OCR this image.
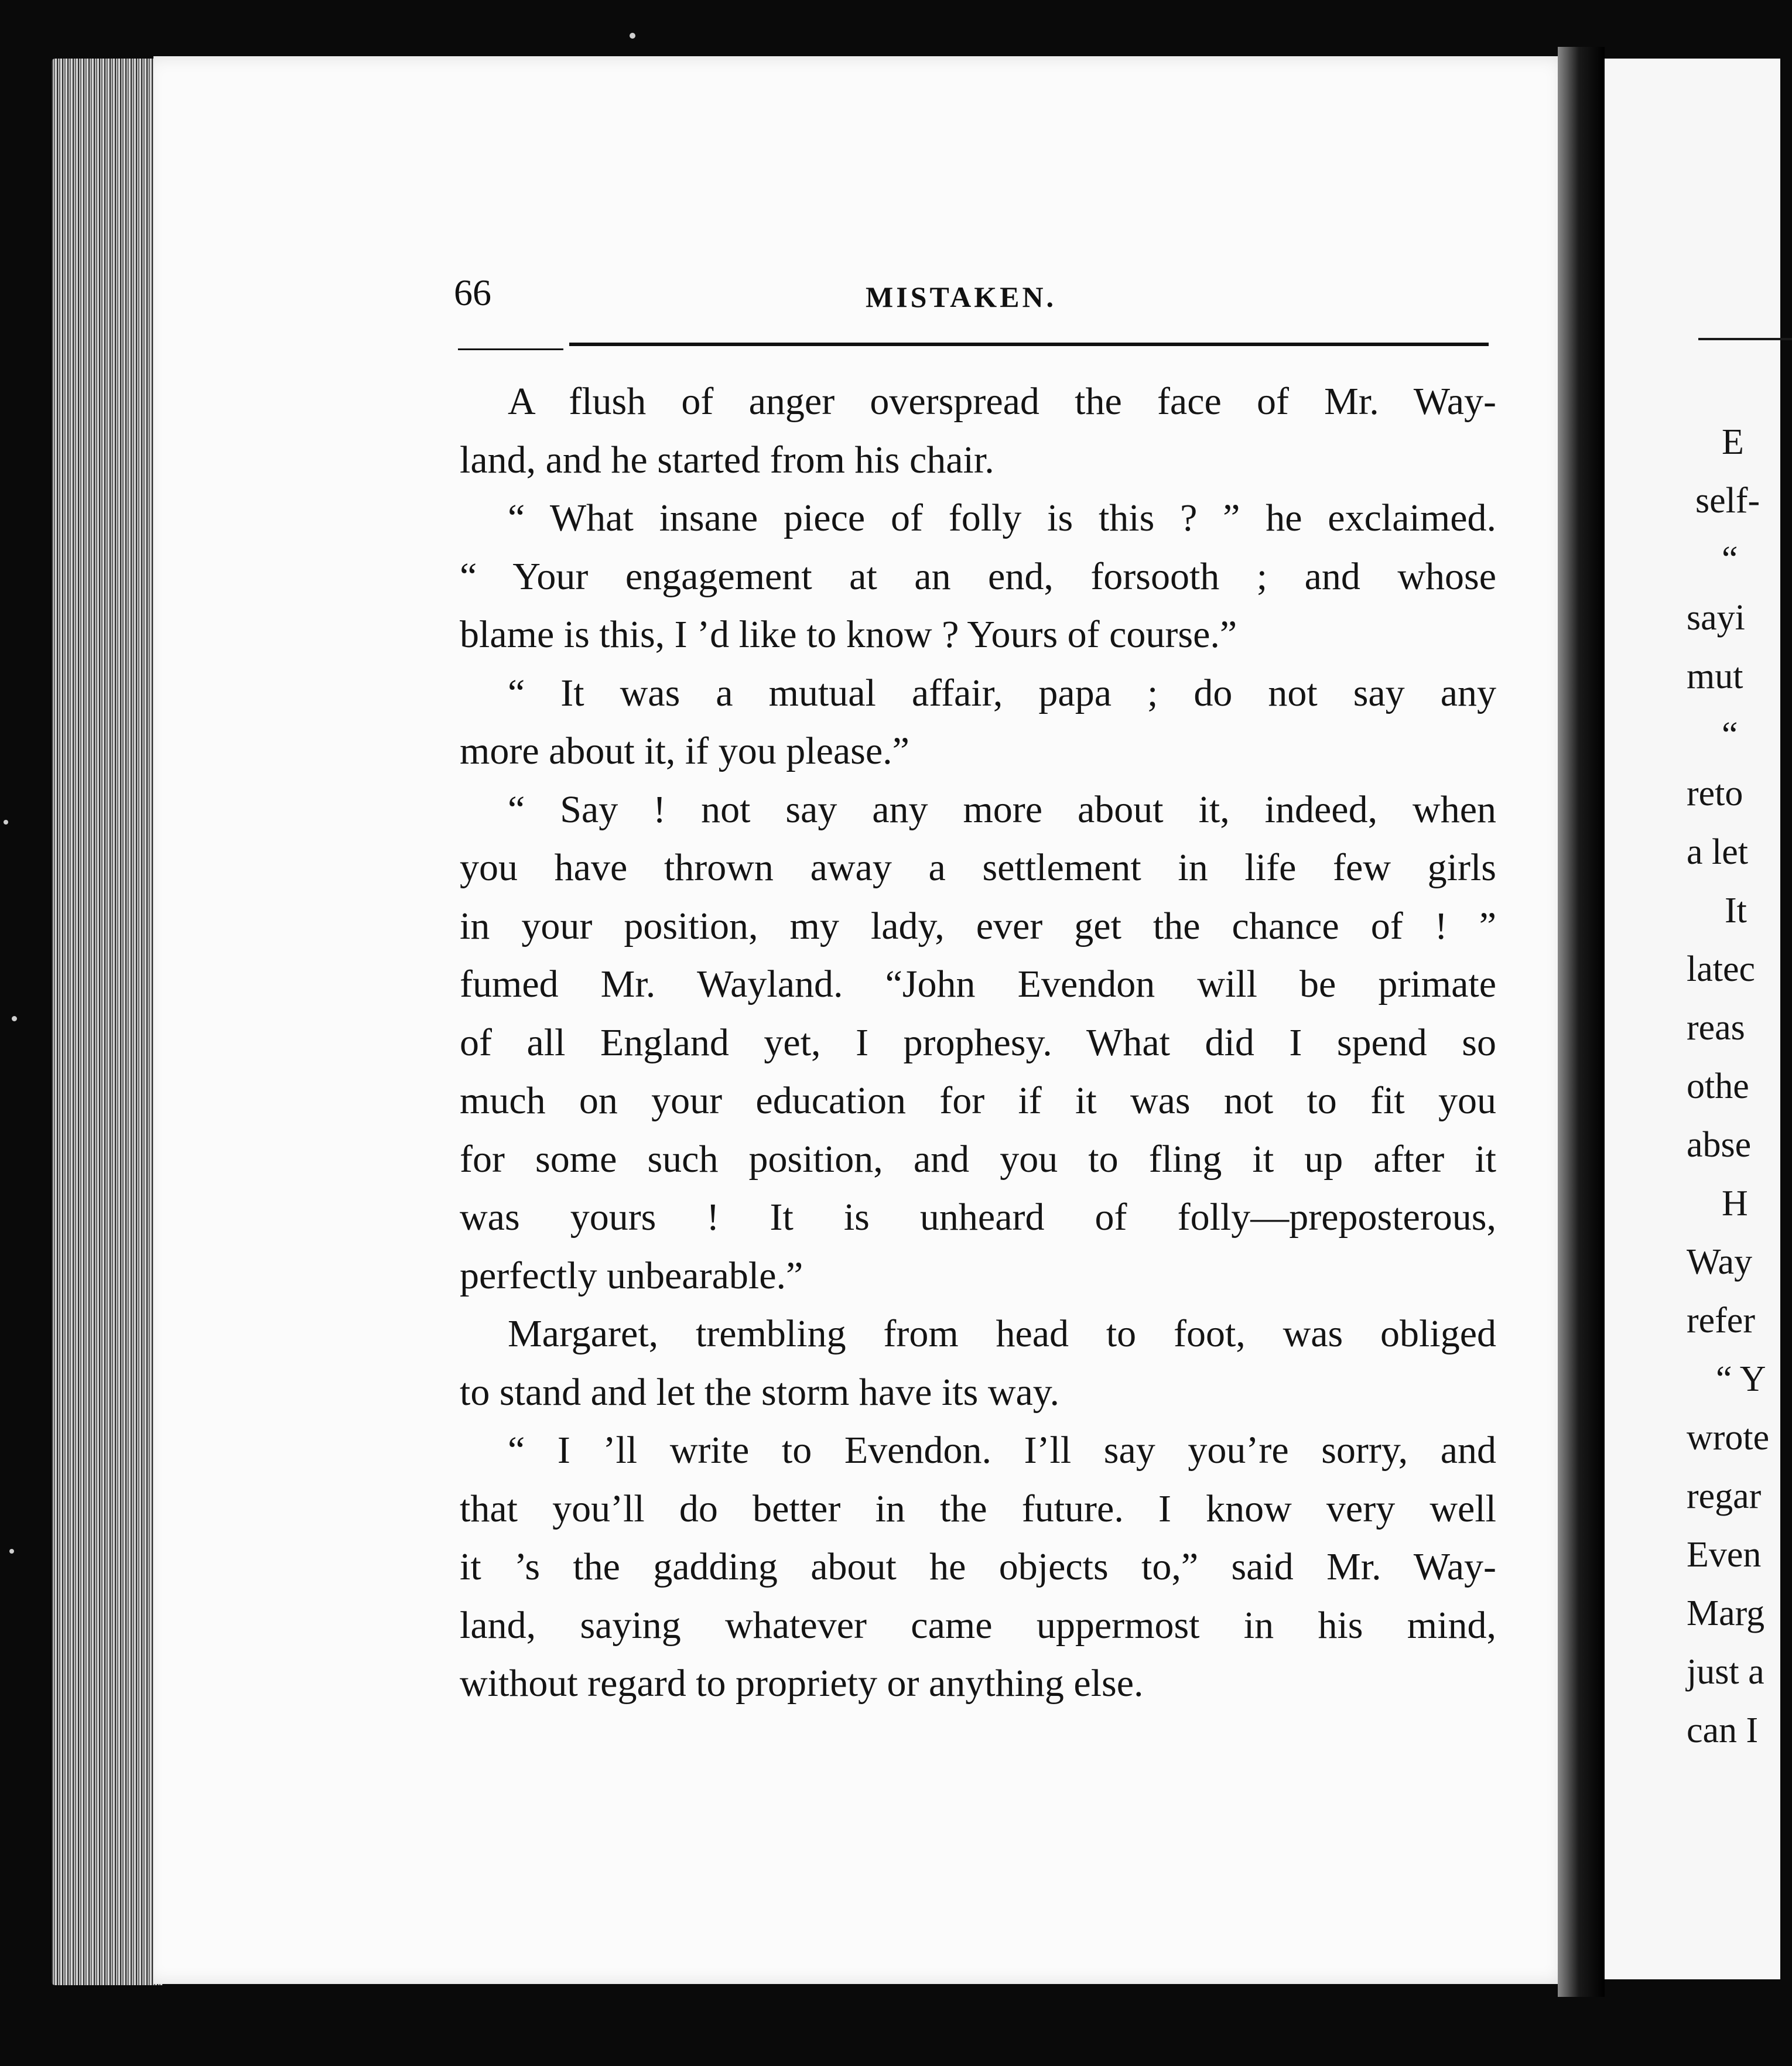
E
self-
“
sayi
mut
“
reto
a let
It
latec
reas
othe
abse
H
Way
refer
“ Y
wrote
regar
Even
Marg
just a
can I
66	MISTAKEN.
A flush of anger overspread the face of Mr. Way-
land, and he started from his chair.
“ What insane piece of folly is this ? ” he exclaimed.
“ Your engagement at an end, forsooth ; and whose
blame is this, I ’d like to know ? Yours of course.”
“ It was a mutual affair, papa ; do not say any
more about it, if you please.”
“ Say ! not say any more about it, indeed, when
you have thrown away a settlement in life few girls
in your position, my lady, ever get the chance of ! ”
fumed Mr. Wayland. “John Evendon will be primate
of all England yet, I prophesy. What did I spend so
much on your education for if it was not to fit you
for some such position, and you to fling it up after it
was yours ! It is unheard of folly—preposterous,
perfectly unbearable.”
Margaret, trembling from head to foot, was obliged
to stand and let the storm have its way.
“ I ’ll write to Evendon. I’ll say you’re sorry, and
that you’ll do better in the future. I know very well
it ’s the gadding about he objects to,” said Mr. Way-
land, saying whatever came uppermost in his mind,
without regard to propriety or anything else.
